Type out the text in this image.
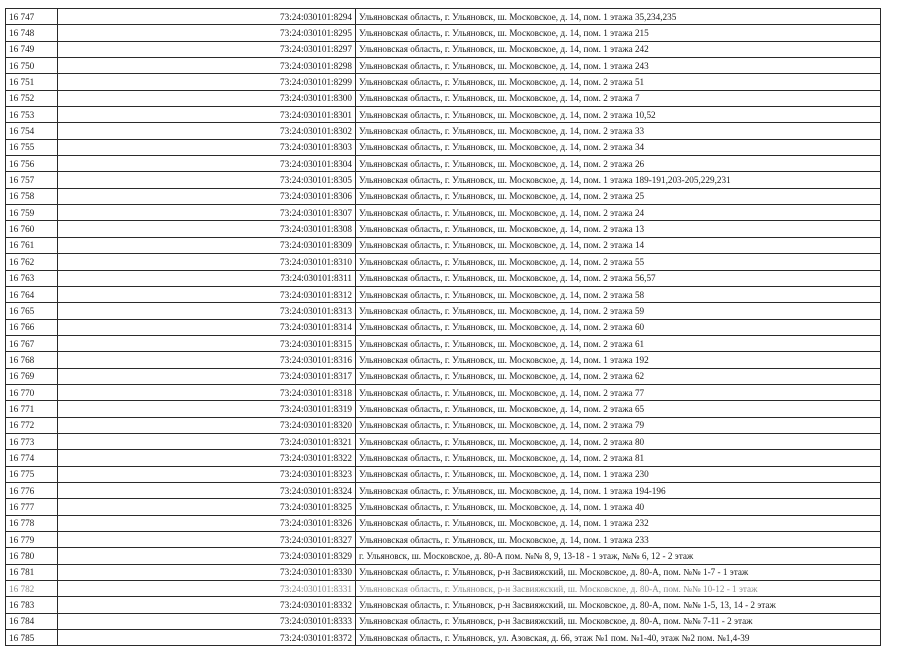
16 747	73:24:030101:8294	Ульяновская область, г. Ульяновск, ш. Московское, д. 14, пом. 1 этажа 35,234,235
16 748	73:24:030101:8295	Ульяновская область, г. Ульяновск, ш. Московское, д. 14, пом. 1 этажа 215
16 749	73:24:030101:8297	Ульяновская область, г. Ульяновск, ш. Московское, д. 14, пом. 1 этажа 242
16 750	73:24:030101:8298	Ульяновская область, г. Ульяновск, ш. Московское, д. 14, пом. 1 этажа 243
16 751	73:24:030101:8299	Ульяновская область, г. Ульяновск, ш. Московское, д. 14, пом. 2 этажа 51
16 752	73:24:030101:8300	Ульяновская область, г. Ульяновск, ш. Московское, д. 14, пом. 2 этажа 7
16 753	73:24:030101:8301	Ульяновская область, г. Ульяновск, ш. Московское, д. 14, пом. 2 этажа 10,52
16 754	73:24:030101:8302	Ульяновская область, г. Ульяновск, ш. Московское, д. 14, пом. 2 этажа 33
16 755	73:24:030101:8303	Ульяновская область, г. Ульяновск, ш. Московское, д. 14, пом. 2 этажа 34
16 756	73:24:030101:8304	Ульяновская область, г. Ульяновск, ш. Московское, д. 14, пом. 2 этажа 26
16 757	73:24:030101:8305	Ульяновская область, г. Ульяновск, ш. Московское, д. 14, пом. 1 этажа 189-191,203-205,229,231
16 758	73:24:030101:8306	Ульяновская область, г. Ульяновск, ш. Московское, д. 14, пом. 2 этажа 25
16 759	73:24:030101:8307	Ульяновская область, г. Ульяновск, ш. Московское, д. 14, пом. 2 этажа 24
16 760	73:24:030101:8308	Ульяновская область, г. Ульяновск, ш. Московское, д. 14, пом. 2 этажа 13
16 761	73:24:030101:8309	Ульяновская область, г. Ульяновск, ш. Московское, д. 14, пом. 2 этажа 14
16 762	73:24:030101:8310	Ульяновская область, г. Ульяновск, ш. Московское, д. 14, пом. 2 этажа 55
16 763	73:24:030101:8311	Ульяновская область, г. Ульяновск, ш. Московское, д. 14, пом. 2 этажа 56,57
16 764	73:24:030101:8312	Ульяновская область, г. Ульяновск, ш. Московское, д. 14, пом. 2 этажа 58
16 765	73:24:030101:8313	Ульяновская область, г. Ульяновск, ш. Московское, д. 14, пом. 2 этажа 59
16 766	73:24:030101:8314	Ульяновская область, г. Ульяновск, ш. Московское, д. 14, пом. 2 этажа 60
16 767	73:24:030101:8315	Ульяновская область, г. Ульяновск, ш. Московское, д. 14, пом. 2 этажа 61
16 768	73:24:030101:8316	Ульяновская область, г. Ульяновск, ш. Московское, д. 14, пом. 1 этажа 192
16 769	73:24:030101:8317	Ульяновская область, г. Ульяновск, ш. Московское, д. 14, пом. 2 этажа 62
16 770	73:24:030101:8318	Ульяновская область, г. Ульяновск, ш. Московское, д. 14, пом. 2 этажа 77
16 771	73:24:030101:8319	Ульяновская область, г. Ульяновск, ш. Московское, д. 14, пом. 2 этажа 65
16 772	73:24:030101:8320	Ульяновская область, г. Ульяновск, ш. Московское, д. 14, пом. 2 этажа 79
16 773	73:24:030101:8321	Ульяновская область, г. Ульяновск, ш. Московское, д. 14, пом. 2 этажа 80
16 774	73:24:030101:8322	Ульяновская область, г. Ульяновск, ш. Московское, д. 14, пом. 2 этажа 81
16 775	73:24:030101:8323	Ульяновская область, г. Ульяновск, ш. Московское, д. 14, пом. 1 этажа 230
16 776	73:24:030101:8324	Ульяновская область, г. Ульяновск, ш. Московское, д. 14, пом. 1 этажа 194-196
16 777	73:24:030101:8325	Ульяновская область, г. Ульяновск, ш. Московское, д. 14, пом. 1 этажа 40
16 778	73:24:030101:8326	Ульяновская область, г. Ульяновск, ш. Московское, д. 14, пом. 1 этажа 232
16 779	73:24:030101:8327	Ульяновская область, г. Ульяновск, ш. Московское, д. 14, пом. 1 этажа 233
16 780	73:24:030101:8329	г. Ульяновск, ш. Московское, д. 80-А пом. №№ 8, 9, 13-18 - 1 этаж, №№ 6, 12 - 2 этаж
16 781	73:24:030101:8330	Ульяновская область, г. Ульяновск, р-н Засвияжский, ш. Московское, д. 80-А, пом. №№ 1-7 - 1 этаж
16 782	73:24:030101:8331	Ульяновская область, г. Ульяновск, р-н Засвияжский, ш. Московское, д. 80-А, пом. №№ 10-12 - 1 этаж
16 783	73:24:030101:8332	Ульяновская область, г. Ульяновск, р-н Засвияжский, ш. Московское, д. 80-А, пом. №№ 1-5, 13, 14 - 2 этаж
16 784	73:24:030101:8333	Ульяновская область, г. Ульяновск, р-н Засвияжский, ш. Московское, д. 80-А, пом. №№ 7-11 - 2 этаж
16 785	73:24:030101:8372	Ульяновская область, г. Ульяновск, ул. Азовская, д. 66, этаж №1 пом. №1-40, этаж №2 пом. №1,4-39
